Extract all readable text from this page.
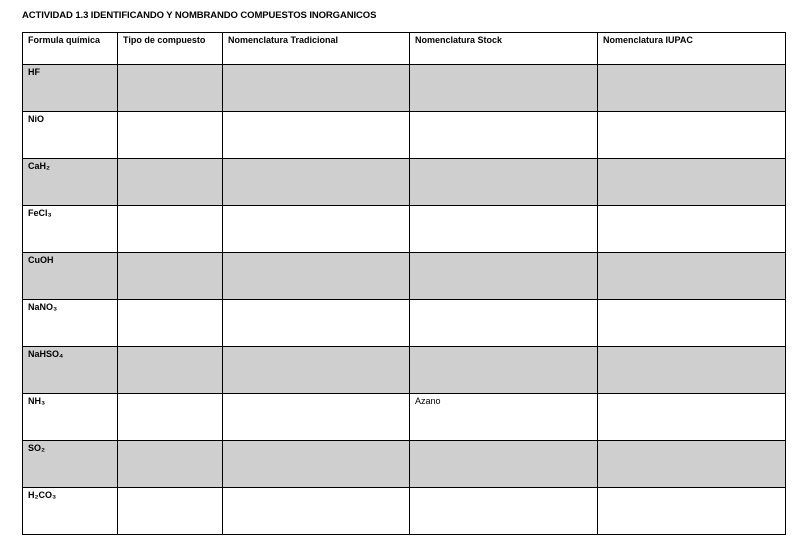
ACTIVIDAD 1.3 IDENTIFICANDO Y NOMBRANDO COMPUESTOS INORGANICOS
Formula química	Tipo de compuesto	Nomenclatura Tradicional	Nomenclatura Stock	Nomenclatura IUPAC
HF				
NiO				
CaH₂				
FeCl₃				
CuOH				
NaNO₃				
NaHSO₄				
NH₃			Azano	
SO₂				
H₂CO₃				
